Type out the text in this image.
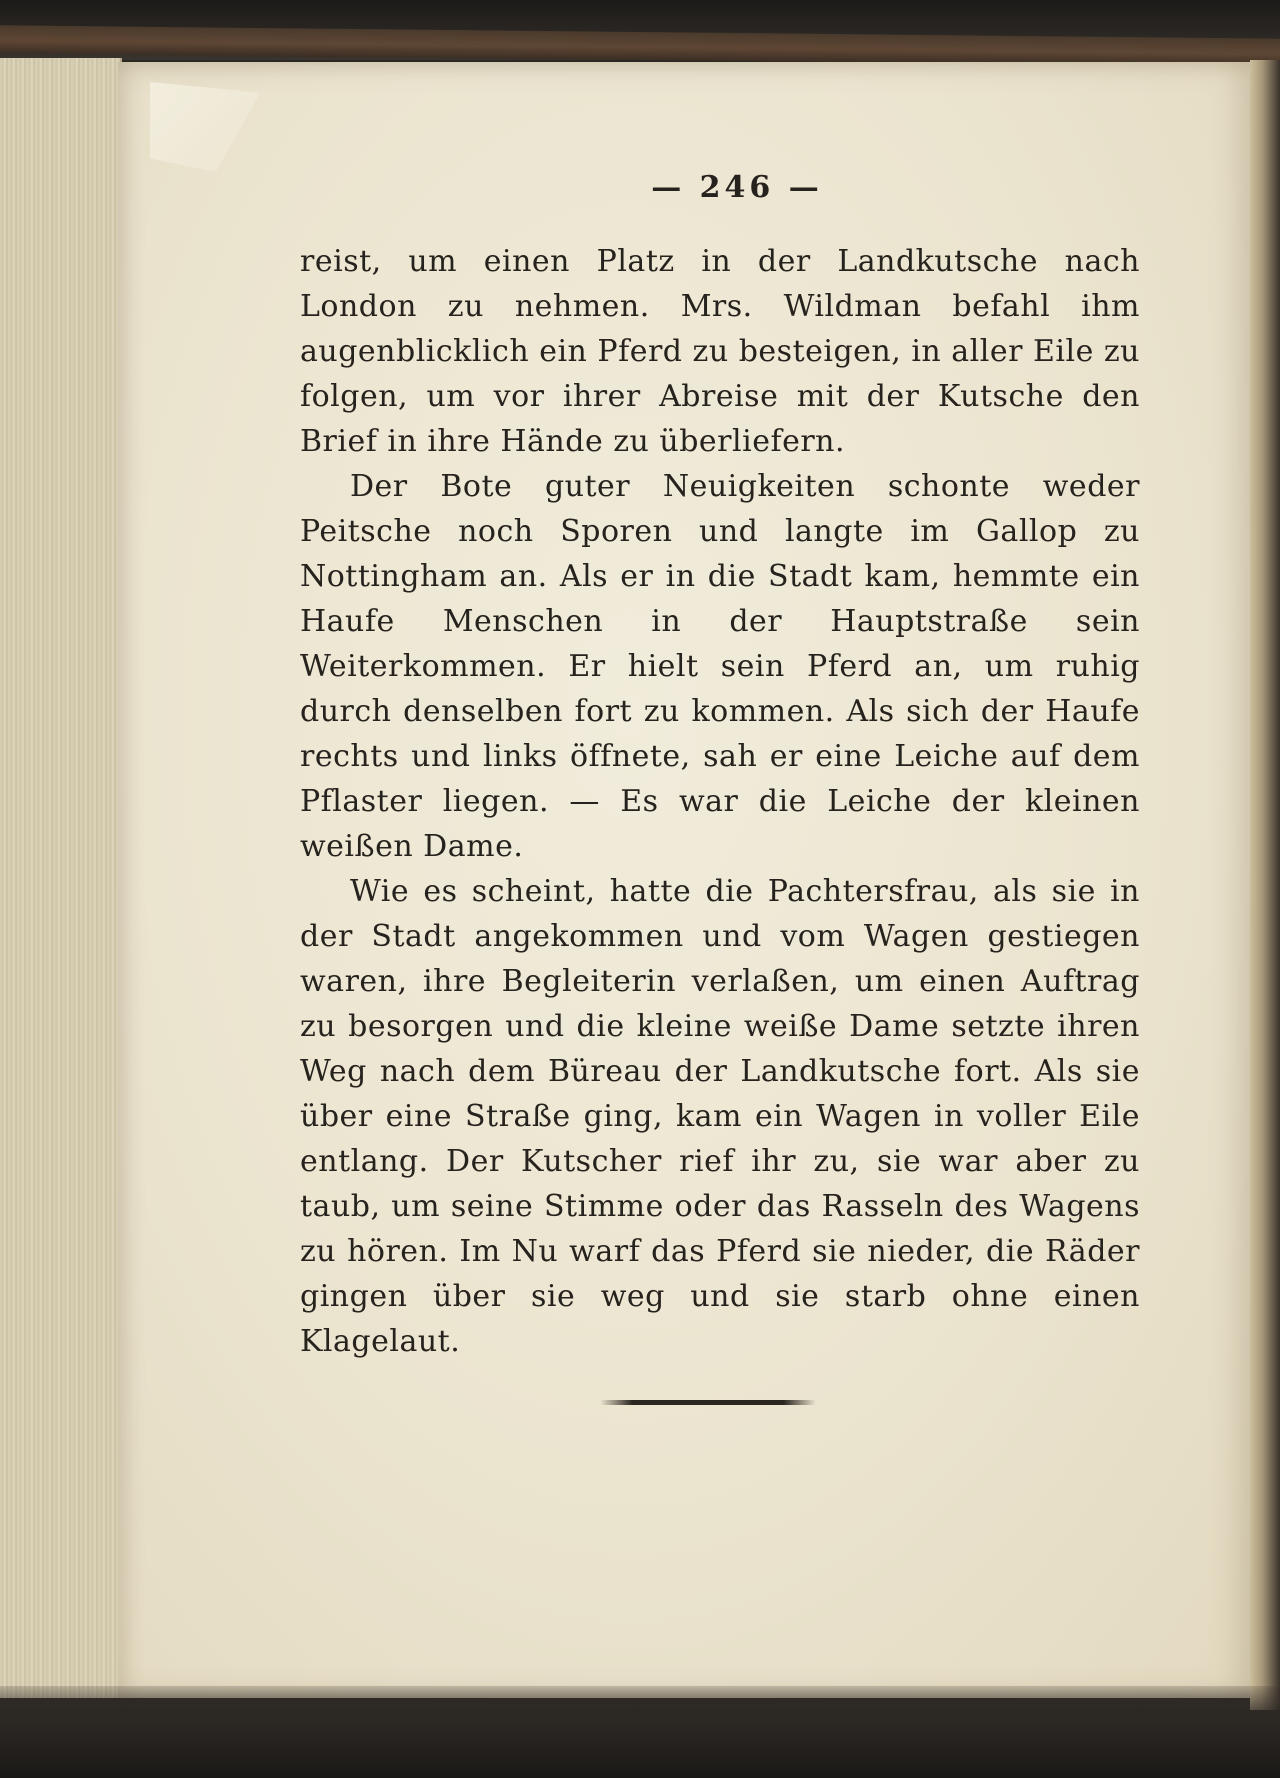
— 246 —

reist, um einen Platz in der Landkutsche nach London zu nehmen. Mrs. Wildman befahl ihm augenblicklich ein Pferd zu besteigen, in aller Eile zu folgen, um vor ihrer Abreise mit der Kutsche den Brief in ihre Hände zu überliefern.

Der Bote guter Neuigkeiten schonte weder Peitsche noch Sporen und langte im Gallop zu Nottingham an. Als er in die Stadt kam, hemmte ein Haufe Menschen in der Hauptstraße sein Weiterkommen. Er hielt sein Pferd an, um ruhig durch denselben fort zu kommen. Als sich der Haufe rechts und links öffnete, sah er eine Leiche auf dem Pflaster liegen. — Es war die Leiche der kleinen weißen Dame.

Wie es scheint, hatte die Pachtersfrau, als sie in der Stadt angekommen und vom Wagen gestiegen waren, ihre Begleiterin verlaßen, um einen Auftrag zu besorgen und die kleine weiße Dame setzte ihren Weg nach dem Büreau der Landkutsche fort. Als sie über eine Straße ging, kam ein Wagen in voller Eile entlang. Der Kutscher rief ihr zu, sie war aber zu taub, um seine Stimme oder das Rasseln des Wagens zu hören. Im Nu warf das Pferd sie nieder, die Räder gingen über sie weg und sie starb ohne einen Klagelaut.
